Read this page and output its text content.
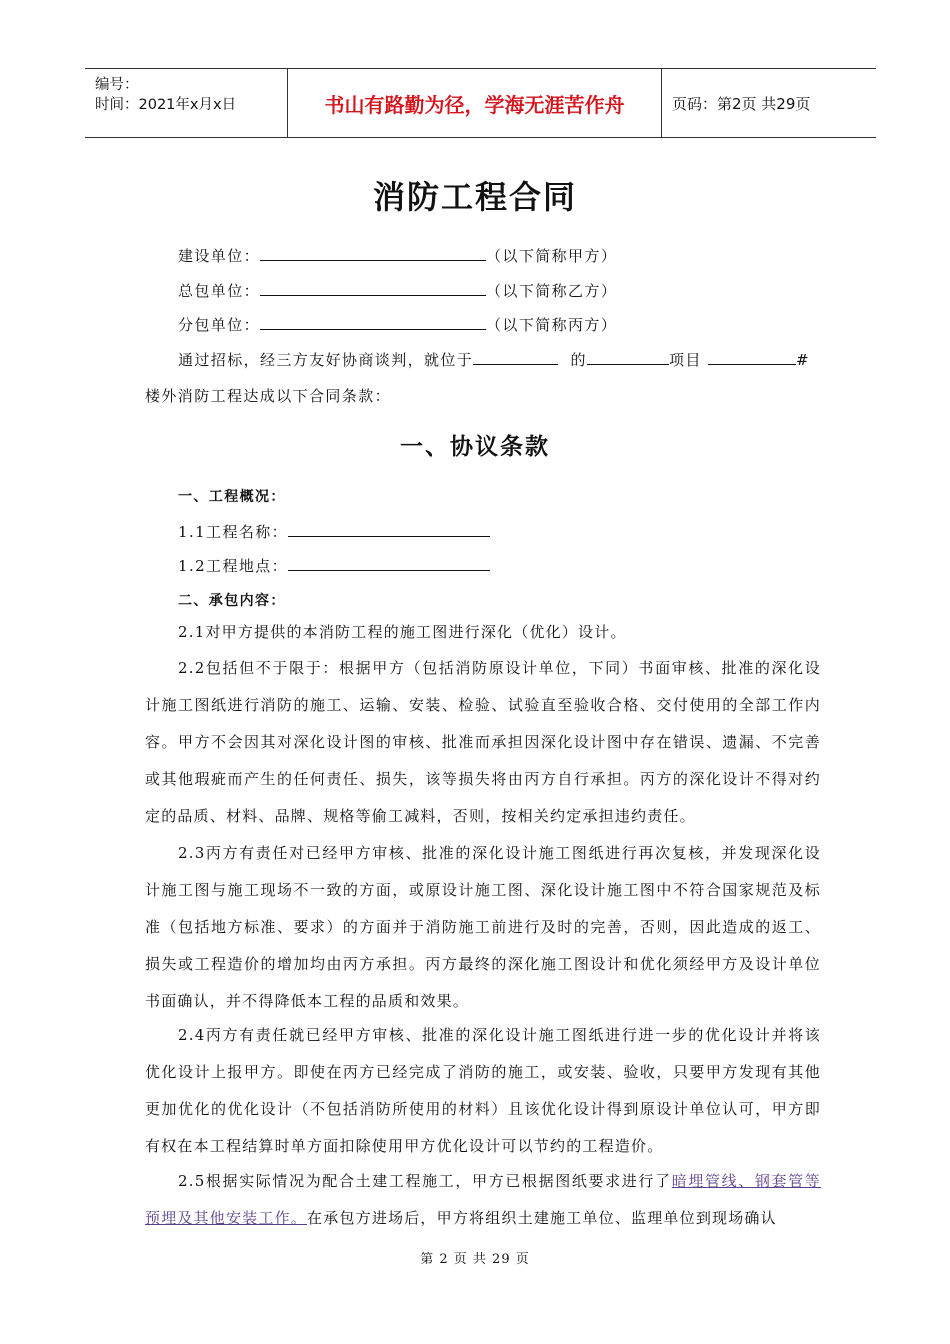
编号：
时间：2021年x月x日	书山有路勤为径，学海无涯苦作舟	页码：第2页 共29页
消防工程合同
建设单位：	（以下简称甲方）
总包单位：	（以下简称乙方）
分包单位：	（以下简称丙方）
通过招标，经三方友好协商谈判，就位于	的	项目	#
楼外消防工程达成以下合同条款：
一、协议条款
一、工程概况：
1.1工程名称：
1.2工程地点：
二、承包内容：
2.1对甲方提供的本消防工程的施工图进行深化（优化）设计。
2.2包括但不于限于：根据甲方（包括消防原设计单位，下同）书面审核、批准的深化设计施工图纸进行消防的施工、运输、安装、检验、试验直至验收合格、交付使用的全部工作内容。甲方不会因其对深化设计图的审核、批准而承担因深化设计图中存在错误、遗漏、不完善或其他瑕疵而产生的任何责任、损失，该等损失将由丙方自行承担。丙方的深化设计不得对约定的品质、材料、品牌、规格等偷工减料，否则，按相关约定承担违约责任。
2.3丙方有责任对已经甲方审核、批准的深化设计施工图纸进行再次复核，并发现深化设计施工图与施工现场不一致的方面，或原设计施工图、深化设计施工图中不符合国家规范及标准（包括地方标准、要求）的方面并于消防施工前进行及时的完善，否则，因此造成的返工、损失或工程造价的增加均由丙方承担。丙方最终的深化施工图设计和优化须经甲方及设计单位书面确认，并不得降低本工程的品质和效果。
2.4丙方有责任就已经甲方审核、批准的深化设计施工图纸进行进一步的优化设计并将该优化设计上报甲方。即使在丙方已经完成了消防的施工，或安装、验收，只要甲方发现有其他更加优化的优化设计（不包括消防所使用的材料）且该优化设计得到原设计单位认可，甲方即有权在本工程结算时单方面扣除使用甲方优化设计可以节约的工程造价。
2.5根据实际情况为配合土建工程施工，甲方已根据图纸要求进行了暗埋管线、钢套管等预埋及其他安装工作。在承包方进场后，甲方将组织土建施工单位、监理单位到现场确认
第 2 页 共 29 页
